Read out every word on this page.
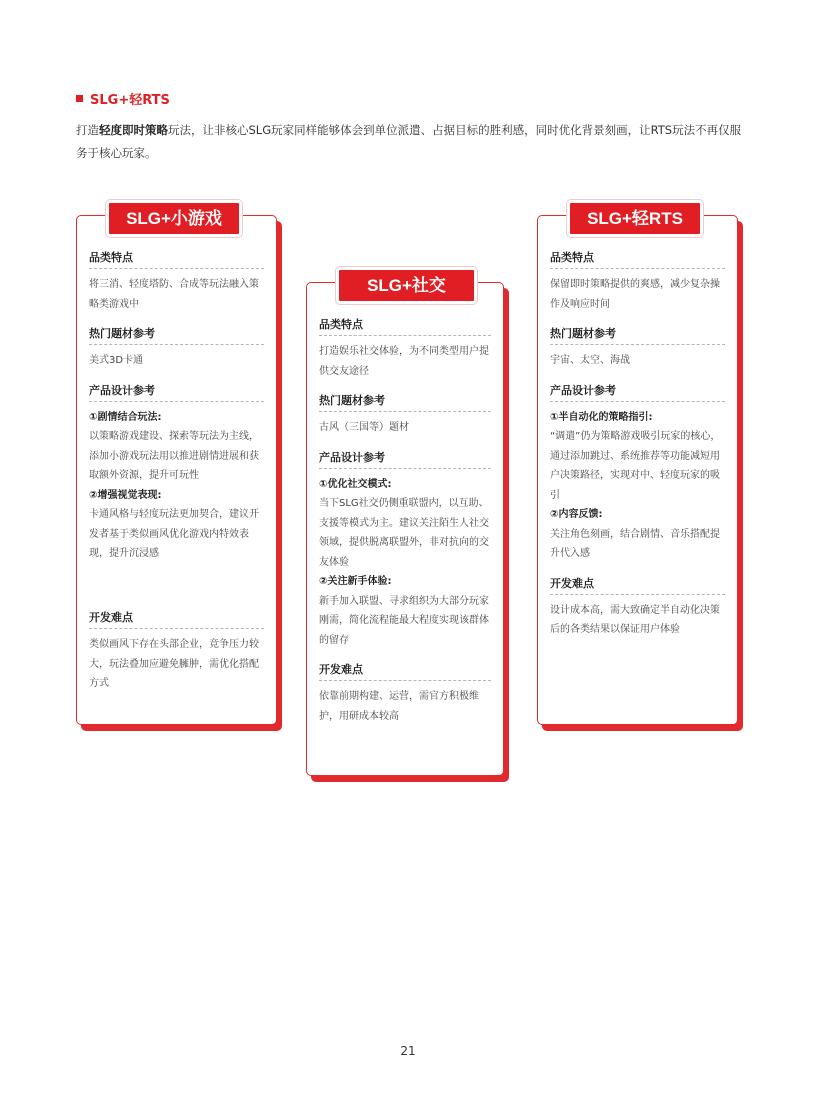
SLG+轻RTS
打造轻度即时策略玩法，让非核心SLG玩家同样能够体会到单位派遣、占据目标的胜利感，同时优化背景刻画，让RTS玩法不再仅服务于核心玩家。
SLG+小游戏
品类特点
将三消、轻度塔防、合成等玩法融入策略类游戏中
热门题材参考
美式3D卡通
产品设计参考
①剧情结合玩法:
以策略游戏建设、探索等玩法为主线，添加小游戏玩法用以推进剧情进展和获取额外资源，提升可玩性
②增强视觉表现:
卡通风格与轻度玩法更加契合，建议开发者基于类似画风优化游戏内特效表现，提升沉浸感
开发难点
类似画风下存在头部企业，竞争压力较大，玩法叠加应避免臃肿，需优化搭配方式
SLG+社交
品类特点
打造娱乐社交体验，为不同类型用户提供交友途径
热门题材参考
古风（三国等）题材
产品设计参考
①优化社交模式:
当下SLG社交仍侧重联盟内，以互助、支援等模式为主。建议关注陌生人社交领域，提供脱离联盟外，非对抗向的交友体验
②关注新手体验:
新手加入联盟、寻求组织为大部分玩家刚需，简化流程能最大程度实现该群体的留存
开发难点
依靠前期构建、运营，需官方积极维护，用研成本较高
SLG+轻RTS
品类特点
保留即时策略提供的爽感，减少复杂操作及响应时间
热门题材参考
宇宙、太空、海战
产品设计参考
①半自动化的策略指引:
“调遣”仍为策略游戏吸引玩家的核心，通过添加跳过、系统推荐等功能减短用户决策路径，实现对中、轻度玩家的吸引
②内容反馈:
关注角色刻画，结合剧情、音乐搭配提升代入感
开发难点
设计成本高，需大致确定半自动化决策后的各类结果以保证用户体验
21
